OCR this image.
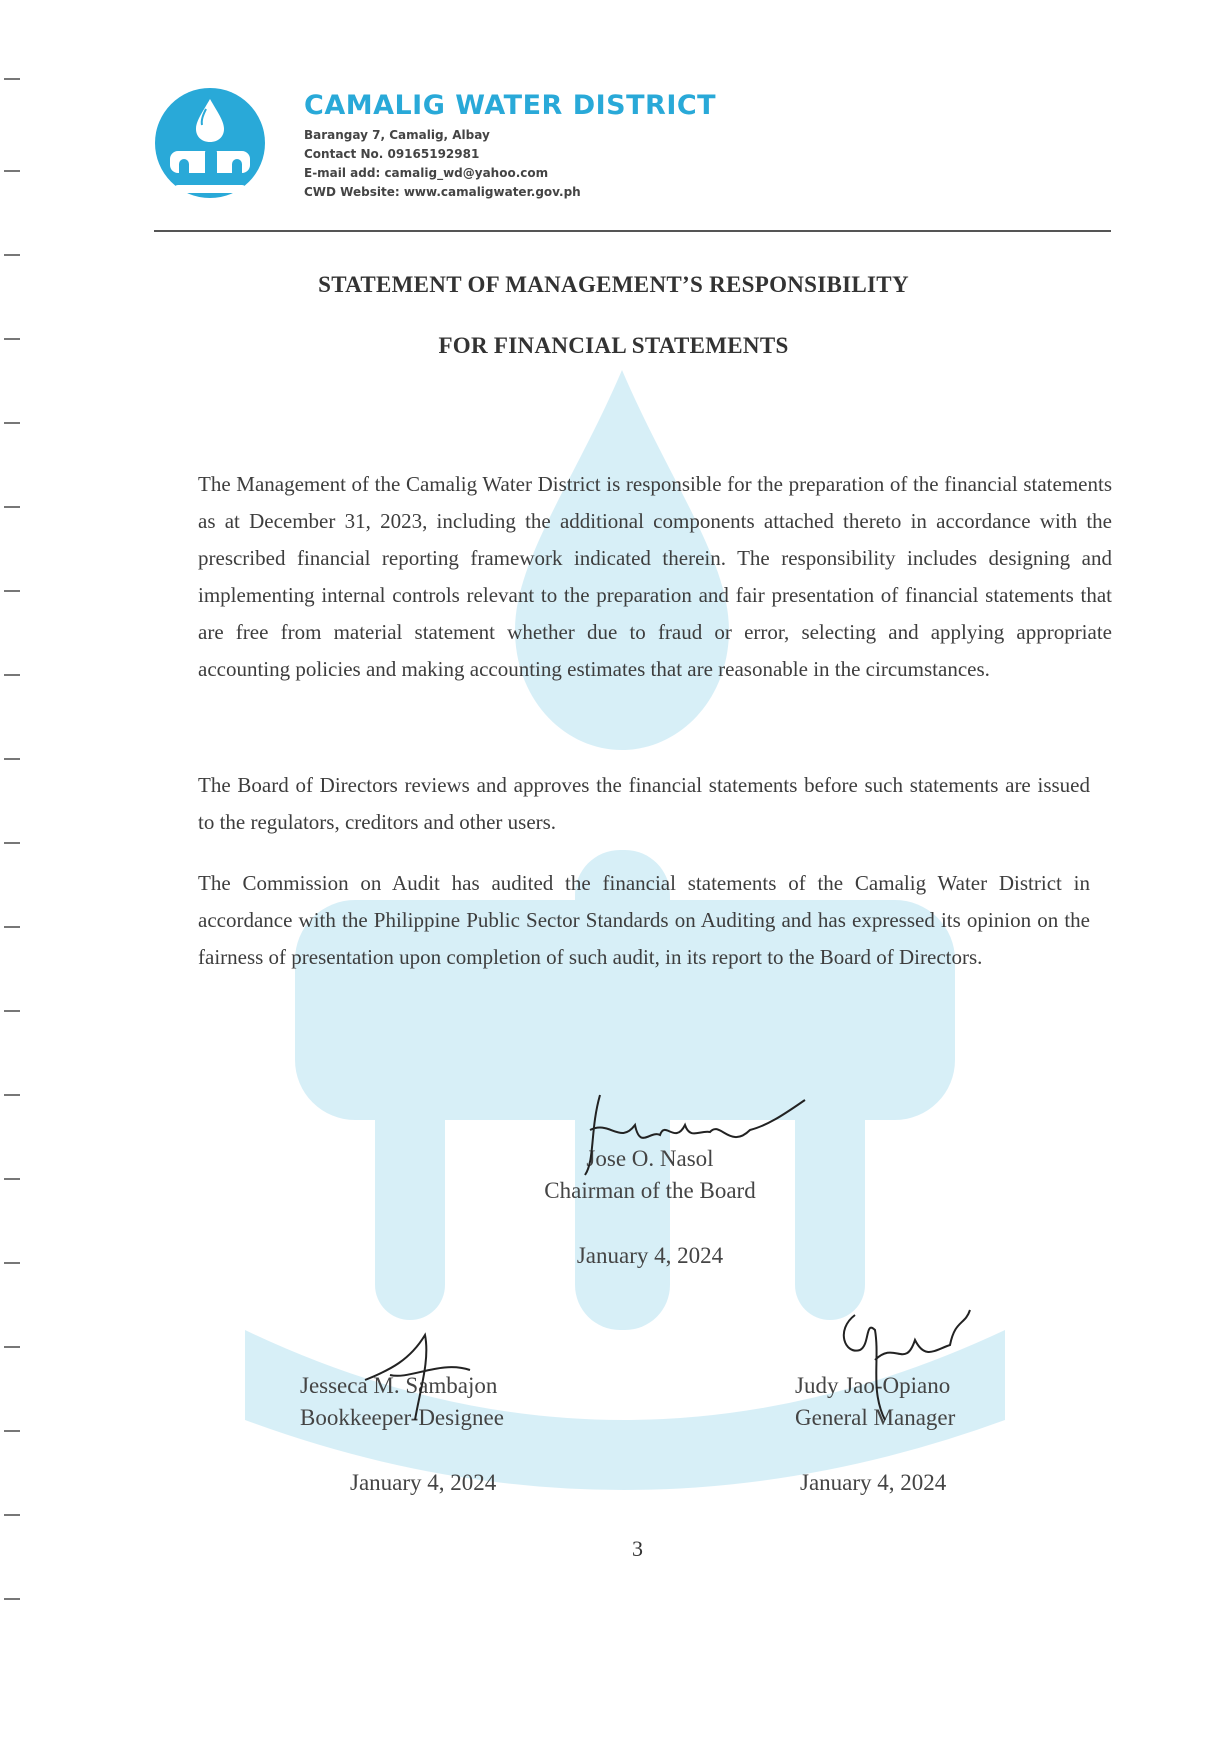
CAMALIG WATER DISTRICT
Barangay 7, Camalig, Albay
Contact No. 09165192981
E-mail add: camalig_wd@yahoo.com
CWD Website: www.camaligwater.gov.ph
STATEMENT OF MANAGEMENT’S RESPONSIBILITY
FOR FINANCIAL STATEMENTS

The Management of the Camalig Water District is responsible for the preparation of the financial statements as at December 31, 2023, including the additional components attached thereto in accordance with the prescribed financial reporting framework indicated therein. The responsibility includes designing and implementing internal controls relevant to the preparation and fair presentation of financial statements that are free from material statement whether due to fraud or error, selecting and applying appropriate accounting policies and making accounting estimates that are reasonable in the circumstances.

The Board of Directors reviews and approves the financial statements before such statements are issued to the regulators, creditors and other users.

The Commission on Audit has audited the financial statements of the Camalig Water District in accordance with the Philippine Public Sector Standards on Auditing and has expressed its opinion on the fairness of presentation upon completion of such audit, in its report to the Board of Directors.

Jose O. Nasol
Chairman of the Board
January 4, 2024
Jesseca M. Sambajon
Bookkeeper-Designee
January 4, 2024
Judy Jao-Opiano
General Manager
January 4, 2024
3
